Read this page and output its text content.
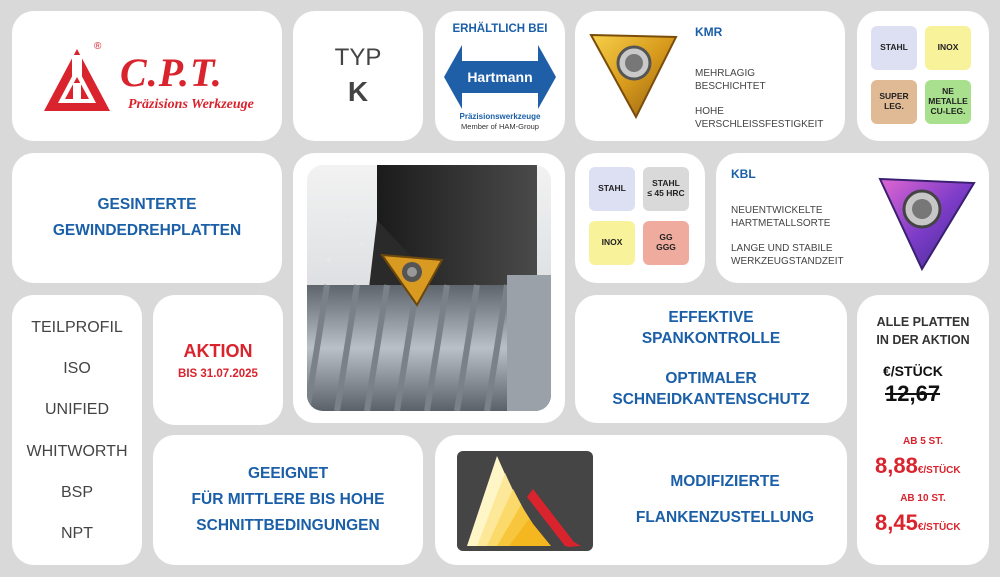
®
C.P.T.
Präzisions Werkzeuge
TYP
K
ERHÄLTLICH BEI
Hartmann
Präzisionswerkzeuge
Member of HAM-Group
KMR
MEHRLAGIG
BESCHICHTET
HOHE
VERSCHLEISSFESTIGKEIT
STAHL	INOX
SUPER
LEG.
NE
METALLE
CU-LEG.
GESINTERTE
GEWINDEDREHPLATTEN
STAHL	STAHL
≤ 45 HRC
INOX	GG
GGG
KBL
NEUENTWICKELTE
HARTMETALLSORTE
LANGE UND STABILE
WERKZEUGSTANDZEIT
TEILPROFIL
ISO
UNIFIED
WHITWORTH
BSP
NPT
AKTION
BIS 31.07.2025
EFFEKTIVE
SPANKONTROLLE
OPTIMALER
SCHNEIDKANTENSCHUTZ
ALLE PLATTEN
IN DER AKTION
€/STÜCK
12,67
AB 5 ST.
8,88€/STÜCK
AB 10 ST.
8,45€/STÜCK
GEEIGNET
FÜR MITTLERE BIS HOHE
SCHNITTBEDINGUNGEN
MODIFIZIERTE
FLANKENZUSTELLUNG
